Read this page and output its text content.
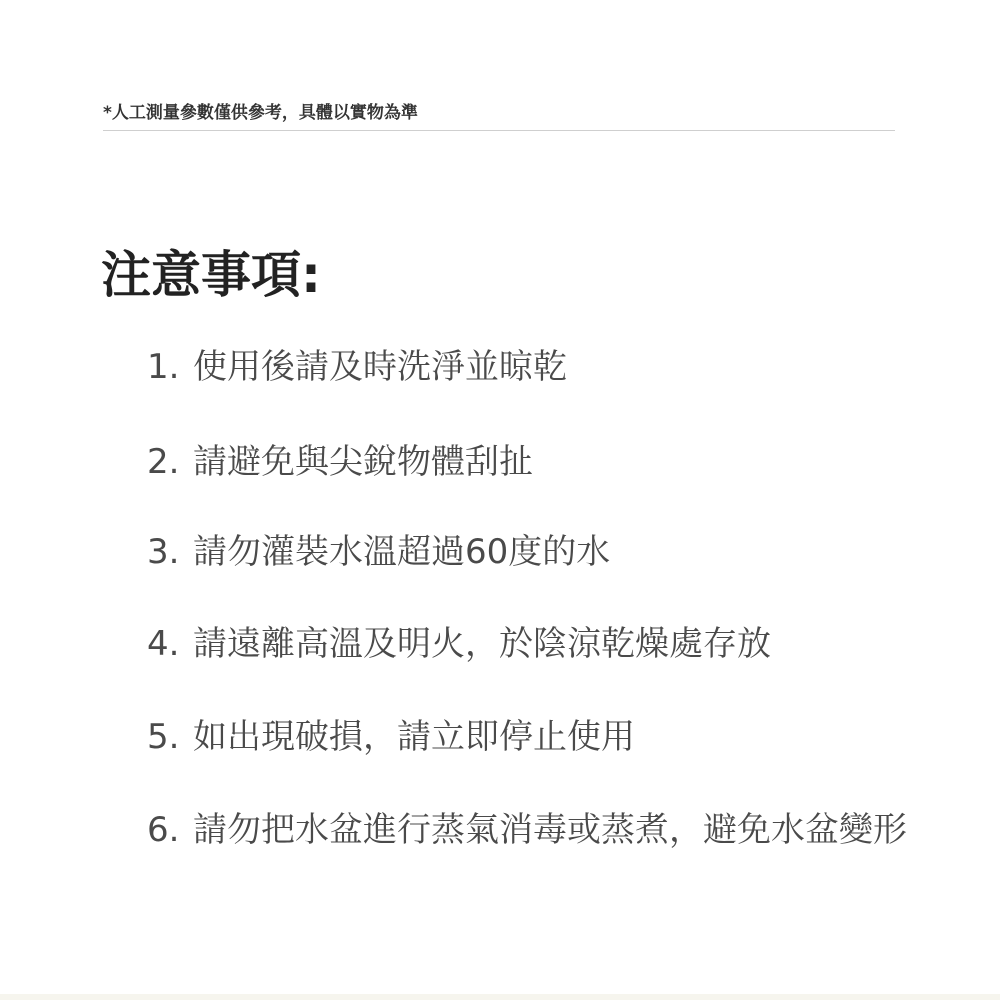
*人工測量參數僅供參考，具體以實物為準
注意事項:
1. 使用後請及時洗淨並晾乾
2. 請避免與尖銳物體刮扯
3. 請勿灌裝水溫超過60度的水
4. 請遠離高溫及明火，於陰涼乾燥處存放
5. 如出現破損，請立即停止使用
6. 請勿把水盆進行蒸氣消毒或蒸煮，避免水盆變形
